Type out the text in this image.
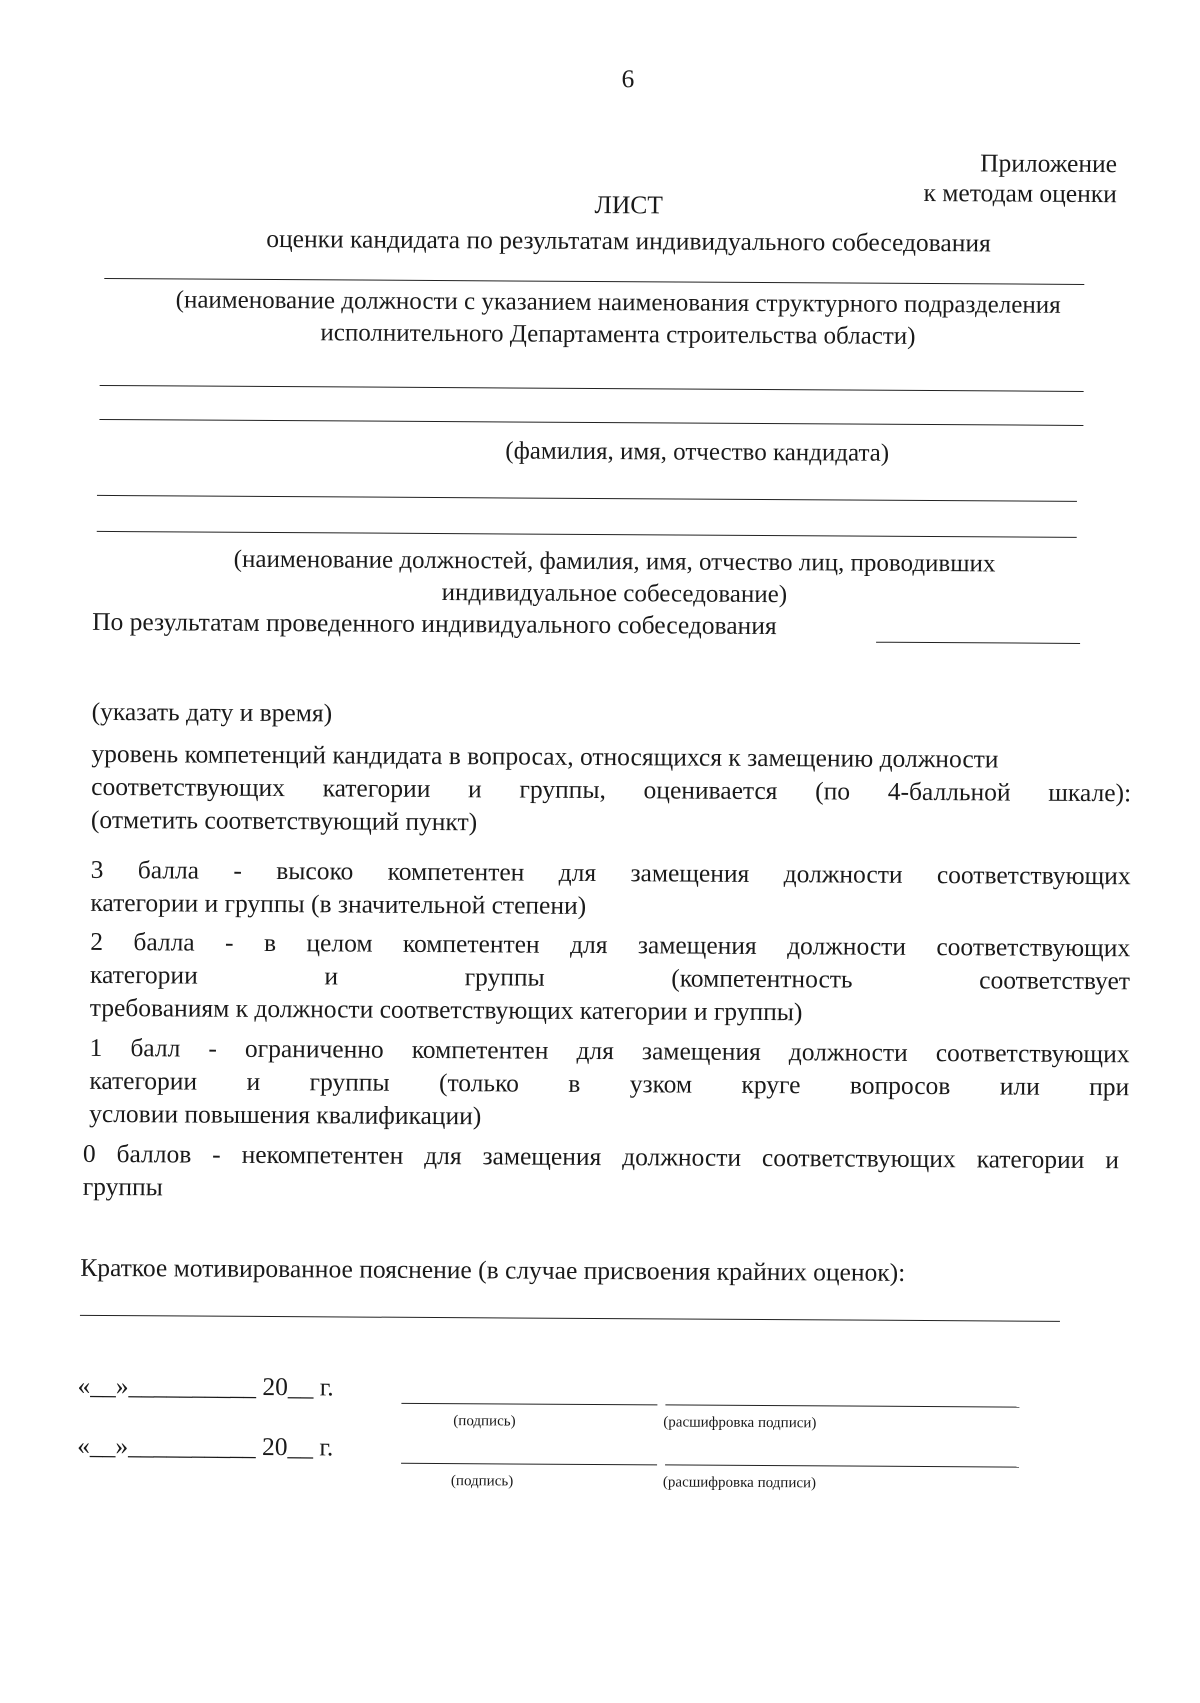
6
Приложение
к методам оценки
ЛИСТ
оценки кандидата по результатам индивидуального собеседования
(наименование должности с указанием наименования структурного подразделения
исполнительного Департамента строительства области)
(фамилия, имя, отчество кандидата)
(наименование должностей, фамилия, имя, отчество лиц, проводивших
индивидуальное собеседование)
По результатам проведенного индивидуального собеседования
(указать дату и время)
уровень компетенций кандидата в вопросах, относящихся к замещению должности
соответствующих категории и группы, оценивается (по 4-балльной шкале):
(отметить соответствующий пункт)
3 балла - высоко компетентен для замещения должности соответствующих
категории и группы (в значительной степени)
2 балла - в целом компетентен для замещения должности соответствующих
категории	и	группы	(компетентность	соответствует
требованиям к должности соответствующих категории и группы)
1 балл - ограниченно компетентен для замещения должности соответствующих
категории и группы (только в узком круге вопросов или при
условии повышения квалификации)
0 баллов - некомпетентен для замещения должности соответствующих категории и
группы
Краткое мотивированное пояснение (в случае присвоения крайних оценок):
«__»__________ 20__ г.
(подпись)	(расшифровка подписи)
«__»__________ 20__ г.
(подпись)	(расшифровка подписи)
